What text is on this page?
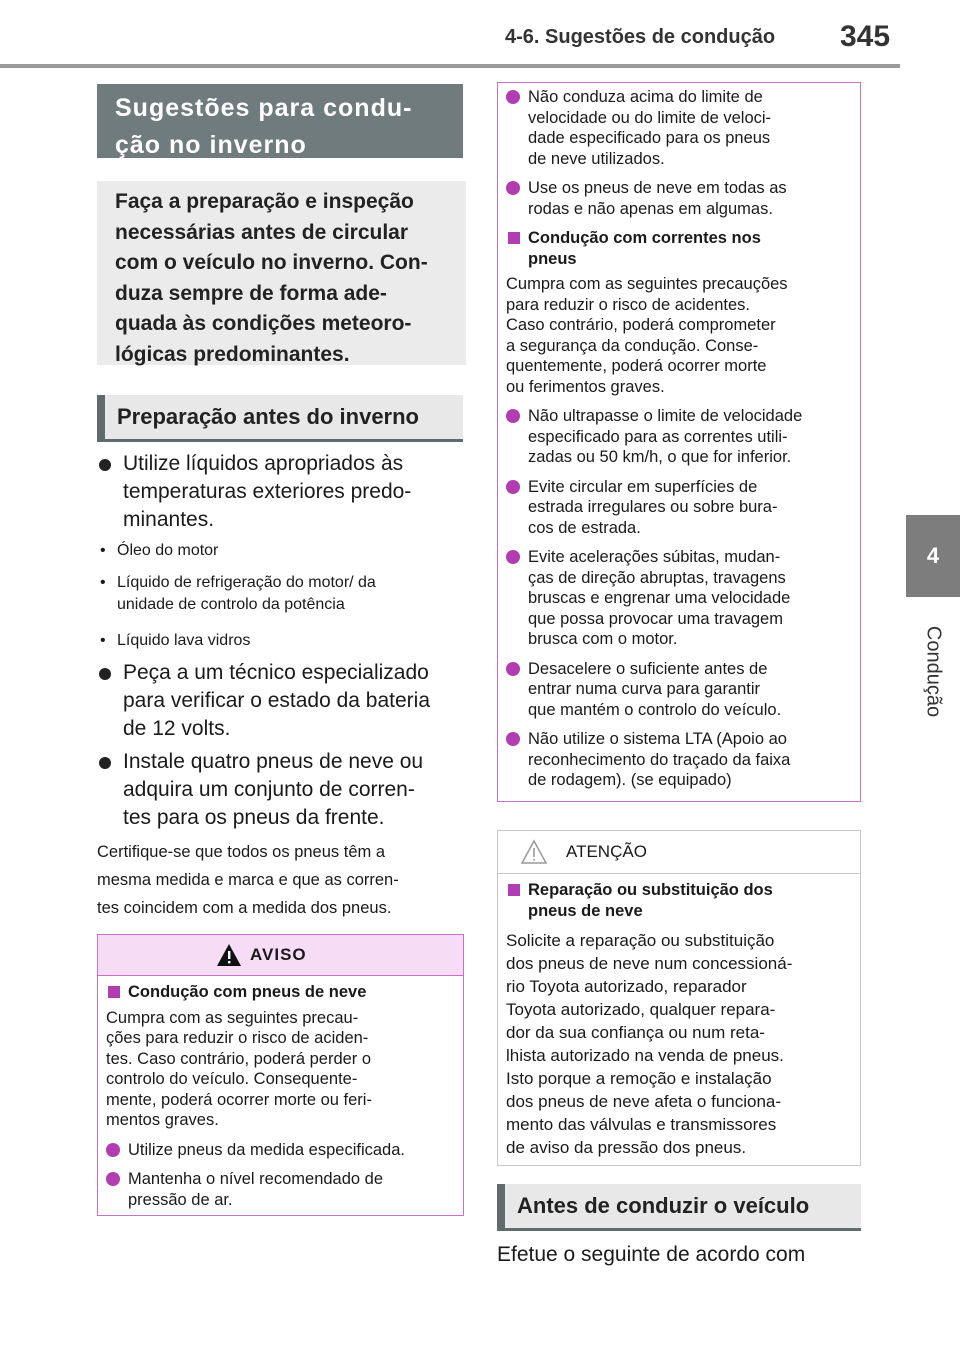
4-6. Sugestões de condução 345
4
Condução
Sugestões para condu-
ção no inverno
Faça a preparação e inspeção
necessárias antes de circular
com o veículo no inverno. Con-
duza sempre de forma ade-
quada às condições meteoro-
lógicas predominantes.
Preparação antes do inverno
Utilize líquidos apropriados às
temperaturas exteriores predo-
minantes.
• Óleo do motor
• Líquido de refrigeração do motor/ da
unidade de controlo da potência
• Líquido lava vidros
Peça a um técnico especializado
para verificar o estado da bateria
de 12 volts.
Instale quatro pneus de neve ou
adquira um conjunto de corren-
tes para os pneus da frente.
Certifique-se que todos os pneus têm a
mesma medida e marca e que as corren-
tes coincidem com a medida dos pneus.
AVISO
Condução com pneus de neve
Cumpra com as seguintes precau-
ções para reduzir o risco de aciden-
tes. Caso contrário, poderá perder o
controlo do veículo. Consequente-
mente, poderá ocorrer morte ou feri-
mentos graves.
Utilize pneus da medida especificada.
Mantenha o nível recomendado de
pressão de ar.
Não conduza acima do limite de
velocidade ou do limite de veloci-
dade especificado para os pneus
de neve utilizados.
Use os pneus de neve em todas as
rodas e não apenas em algumas.
Condução com correntes nos
pneus
Cumpra com as seguintes precauções
para reduzir o risco de acidentes.
Caso contrário, poderá comprometer
a segurança da condução. Conse-
quentemente, poderá ocorrer morte
ou ferimentos graves.
Não ultrapasse o limite de velocidade
especificado para as correntes utili-
zadas ou 50 km/h, o que for inferior.
Evite circular em superfícies de
estrada irregulares ou sobre bura-
cos de estrada.
Evite acelerações súbitas, mudan-
ças de direção abruptas, travagens
bruscas e engrenar uma velocidade
que possa provocar uma travagem
brusca com o motor.
Desacelere o suficiente antes de
entrar numa curva para garantir
que mantém o controlo do veículo.
Não utilize o sistema LTA (Apoio ao
reconhecimento do traçado da faixa
de rodagem). (se equipado)
ATENÇÃO
Reparação ou substituição dos
pneus de neve
Solicite a reparação ou substituição
dos pneus de neve num concessioná-
rio Toyota autorizado, reparador
Toyota autorizado, qualquer repara-
dor da sua confiança ou num reta-
lhista autorizado na venda de pneus.
Isto porque a remoção e instalação
dos pneus de neve afeta o funciona-
mento das válvulas e transmissores
de aviso da pressão dos pneus.
Antes de conduzir o veículo
Efetue o seguinte de acordo com
